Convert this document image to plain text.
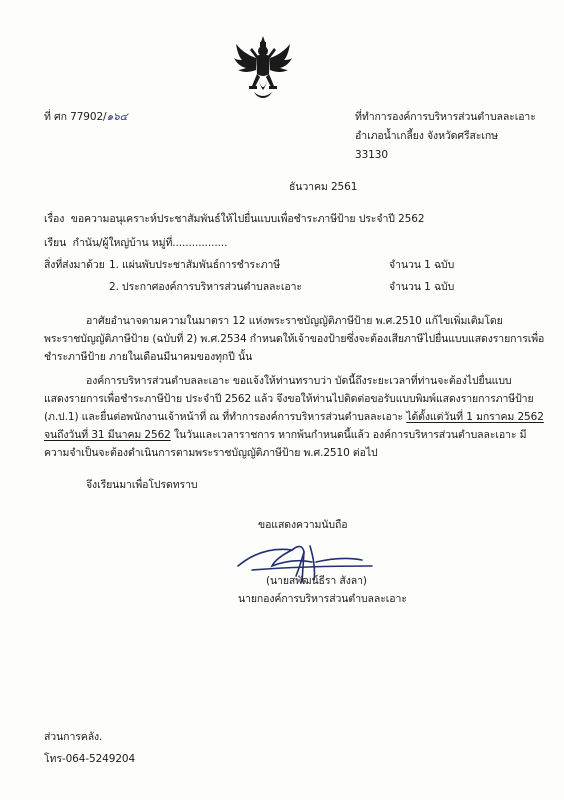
ที่ ศก 77902/๑๖๔	ที่ทำการองค์การบริหารส่วนตำบลละเอาะ
อำเภอน้ำเกลี้ยง จังหวัดศรีสะเกษ
33130
ธันวาคม 2561
เรื่อง ขอความอนุเคราะห์ประชาสัมพันธ์ให้ไปยื่นแบบเพื่อชำระภาษีป้าย ประจำปี 2562
เรียน กำนัน/ผู้ใหญ่บ้าน หมู่ที่.................
สิ่งที่ส่งมาด้วย 1. แผ่นพับประชาสัมพันธ์การชำระภาษี	จำนวน 1 ฉบับ
2. ประกาศองค์การบริหารส่วนตำบลละเอาะ	จำนวน 1 ฉบับ
อาศัยอำนาจตามความในมาตรา 12 แห่งพระราชบัญญัติภาษีป้าย พ.ศ.2510 แก้ไขเพิ่มเติมโดย
พระราชบัญญัติภาษีป้าย (ฉบับที่ 2) พ.ศ.2534 กำหนดให้เจ้าของป้ายซึ่งจะต้องเสียภาษีไปยื่นแบบแสดงรายการเพื่อ
ชำระภาษีป้าย ภายในเดือนมีนาคมของทุกปี นั้น
องค์การบริหารส่วนตำบลละเอาะ ขอแจ้งให้ท่านทราบว่า บัดนี้ถึงระยะเวลาที่ท่านจะต้องไปยื่นแบบ
แสดงรายการเพื่อชำระภาษีป้าย ประจำปี 2562 แล้ว จึงขอให้ท่านไปติดต่อขอรับแบบพิมพ์แสดงรายการภาษีป้าย
(ภ.ป.1) และยื่นต่อพนักงานเจ้าหน้าที่ ณ ที่ทำการองค์การบริหารส่วนตำบลละเอาะ ได้ตั้งแต่วันที่ 1 มกราคม 2562
จนถึงวันที่ 31 มีนาคม 2562 ในวันและเวลาราชการ หากพ้นกำหนดนี้แล้ว องค์การบริหารส่วนตำบลละเอาะ มี
ความจำเป็นจะต้องดำเนินการตามพระราชบัญญัติภาษีป้าย พ.ศ.2510 ต่อไป
จึงเรียนมาเพื่อโปรดทราบ
ขอแสดงความนับถือ
(นายสพัฒน์ธีรา สังลา)
นายกองค์การบริหารส่วนตำบลละเอาะ
ส่วนการคลัง.
โทร-064-5249204
